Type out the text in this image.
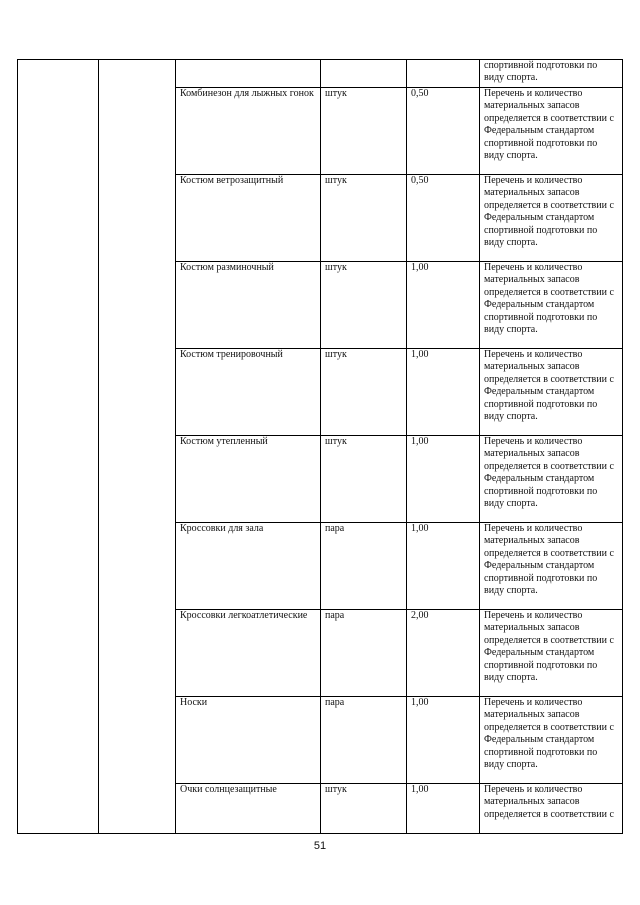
					спортивной подготовки по виду спорта.
		Комбинезон для лыжных гонок	штук	0,50	Перечень и количество материальных запасов определяется в соответствии с Федеральным стандартом спортивной подготовки по виду спорта.
		Костюм ветрозащитный	штук	0,50	Перечень и количество материальных запасов определяется в соответствии с Федеральным стандартом спортивной подготовки по виду спорта.
		Костюм разминочный	штук	1,00	Перечень и количество материальных запасов определяется в соответствии с Федеральным стандартом спортивной подготовки по виду спорта.
		Костюм тренировочный	штук	1,00	Перечень и количество материальных запасов определяется в соответствии с Федеральным стандартом спортивной подготовки по виду спорта.
		Костюм утепленный	штук	1,00	Перечень и количество материальных запасов определяется в соответствии с Федеральным стандартом спортивной подготовки по виду спорта.
		Кроссовки для зала	пара	1,00	Перечень и количество материальных запасов определяется в соответствии с Федеральным стандартом спортивной подготовки по виду спорта.
		Кроссовки легкоатлетические	пара	2,00	Перечень и количество материальных запасов определяется в соответствии с Федеральным стандартом спортивной подготовки по виду спорта.
		Носки	пара	1,00	Перечень и количество материальных запасов определяется в соответствии с Федеральным стандартом спортивной подготовки по виду спорта.
		Очки солнцезащитные	штук	1,00	Перечень и количество материальных запасов определяется в соответствии с
51
